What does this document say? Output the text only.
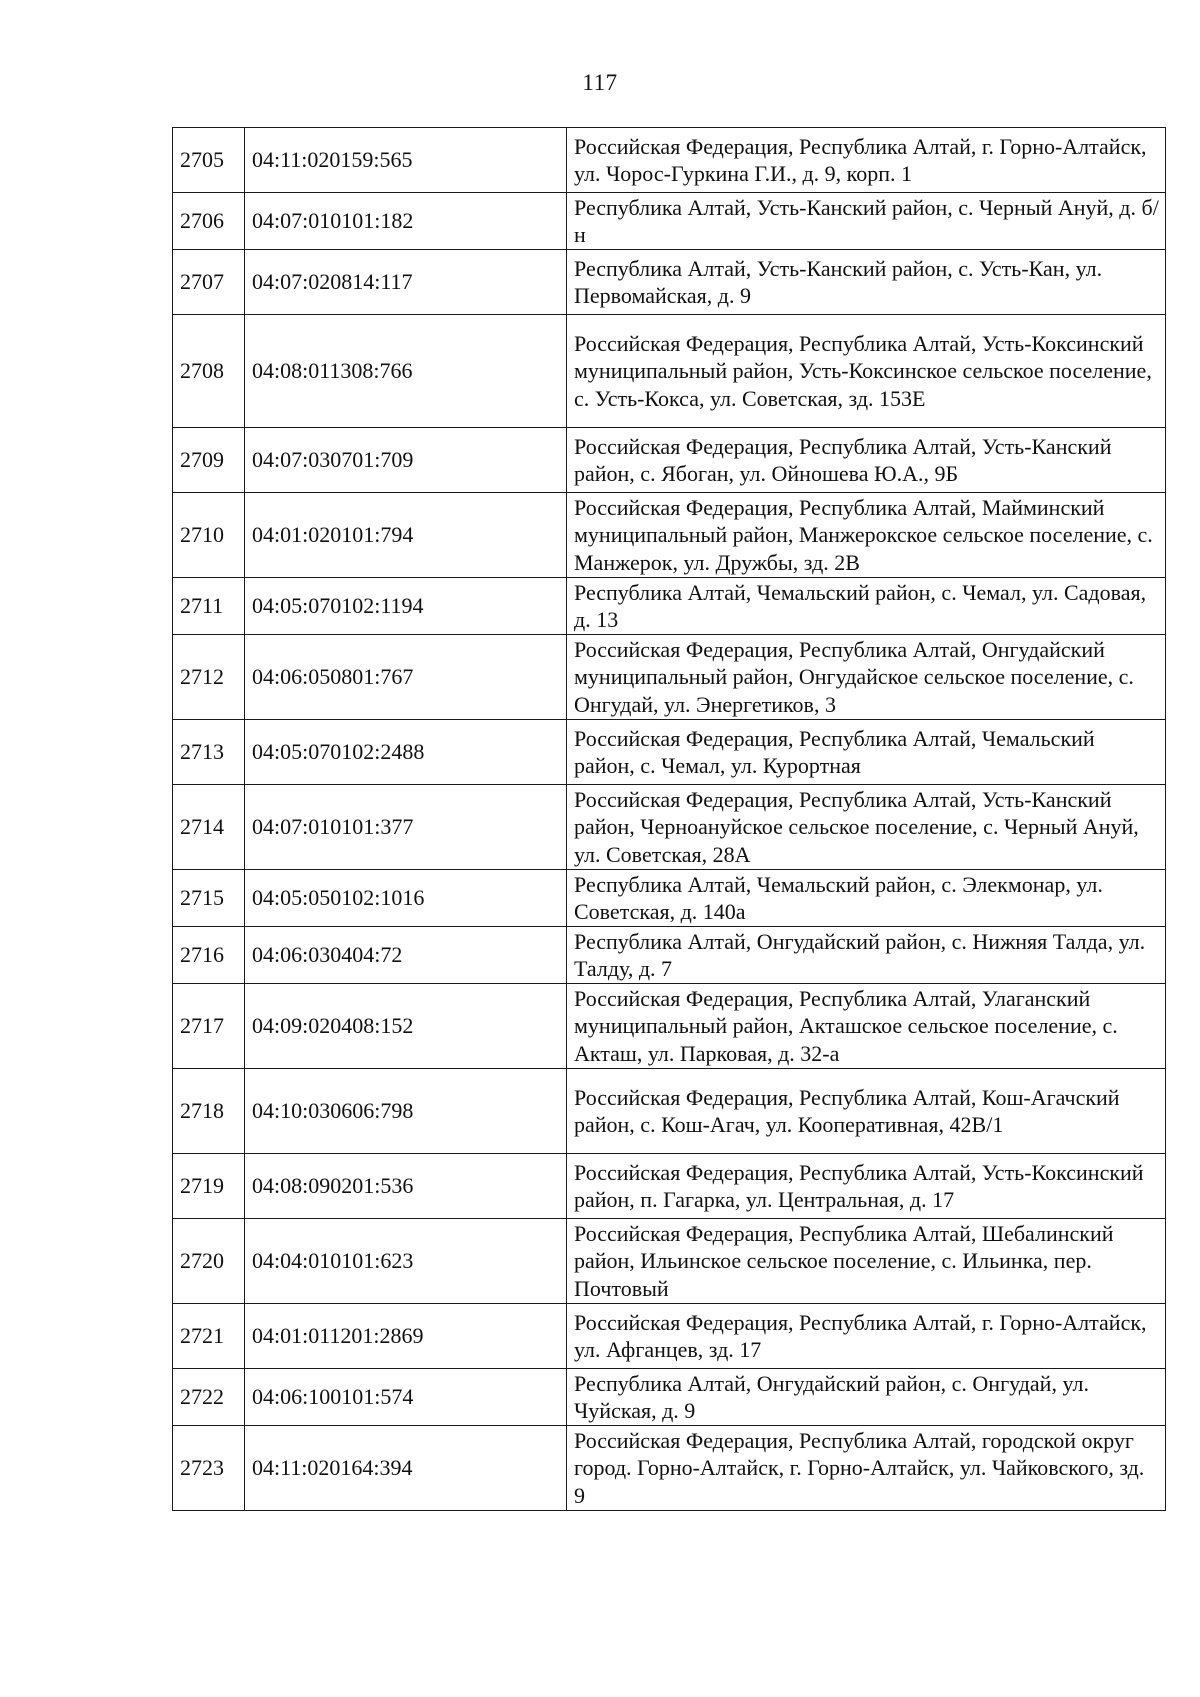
117
2705	04:11:020159:565	Российская Федерация, Республика Алтай, г. Горно-Алтайск, ул. Чорос-Гуркина Г.И., д. 9, корп. 1
2706	04:07:010101:182	Республика Алтай, Усть-Канский район, с. Черный Ануй, д. б/н
2707	04:07:020814:117	Республика Алтай, Усть-Канский район, с. Усть-Кан, ул. Первомайская, д. 9
2708	04:08:011308:766	Российская Федерация, Республика Алтай, Усть-Коксинский муниципальный район, Усть-Коксинское сельское поселение, с. Усть-Кокса, ул. Советская, зд. 153Е
2709	04:07:030701:709	Российская Федерация, Республика Алтай, Усть-Канский район, с. Ябоган, ул. Ойношева Ю.А., 9Б
2710	04:01:020101:794	Российская Федерация, Республика Алтай, Майминский муниципальный район, Манжерокское сельское поселение, с. Манжерок, ул. Дружбы, зд. 2В
2711	04:05:070102:1194	Республика Алтай, Чемальский район, с. Чемал, ул. Садовая, д. 13
2712	04:06:050801:767	Российская Федерация, Республика Алтай, Онгудайский муниципальный район, Онгудайское сельское поселение, с. Онгудай, ул. Энергетиков, 3
2713	04:05:070102:2488	Российская Федерация, Республика Алтай, Чемальский район, с. Чемал, ул. Курортная
2714	04:07:010101:377	Российская Федерация, Республика Алтай, Усть-Канский район, Черноануйское сельское поселение, с. Черный Ануй, ул. Советская, 28А
2715	04:05:050102:1016	Республика Алтай, Чемальский район, с. Элекмонар, ул. Советская, д. 140а
2716	04:06:030404:72	Республика Алтай, Онгудайский район, с. Нижняя Талда, ул. Талду, д. 7
2717	04:09:020408:152	Российская Федерация, Республика Алтай, Улаганский муниципальный район, Акташское сельское поселение, с. Акташ, ул. Парковая, д. 32-а
2718	04:10:030606:798	Российская Федерация, Республика Алтай, Кош-Агачский район, с. Кош-Агач, ул. Кооперативная, 42В/1
2719	04:08:090201:536	Российская Федерация, Республика Алтай, Усть-Коксинский район, п. Гагарка, ул. Центральная, д. 17
2720	04:04:010101:623	Российская Федерация, Республика Алтай, Шебалинский район, Ильинское сельское поселение, с. Ильинка, пер. Почтовый
2721	04:01:011201:2869	Российская Федерация, Республика Алтай, г. Горно-Алтайск, ул. Афганцев, зд. 17
2722	04:06:100101:574	Республика Алтай, Онгудайский район, с. Онгудай, ул. Чуйская, д. 9
2723	04:11:020164:394	Российская Федерация, Республика Алтай, городской округ город. Горно-Алтайск, г. Горно-Алтайск, ул. Чайковского, зд. 9
